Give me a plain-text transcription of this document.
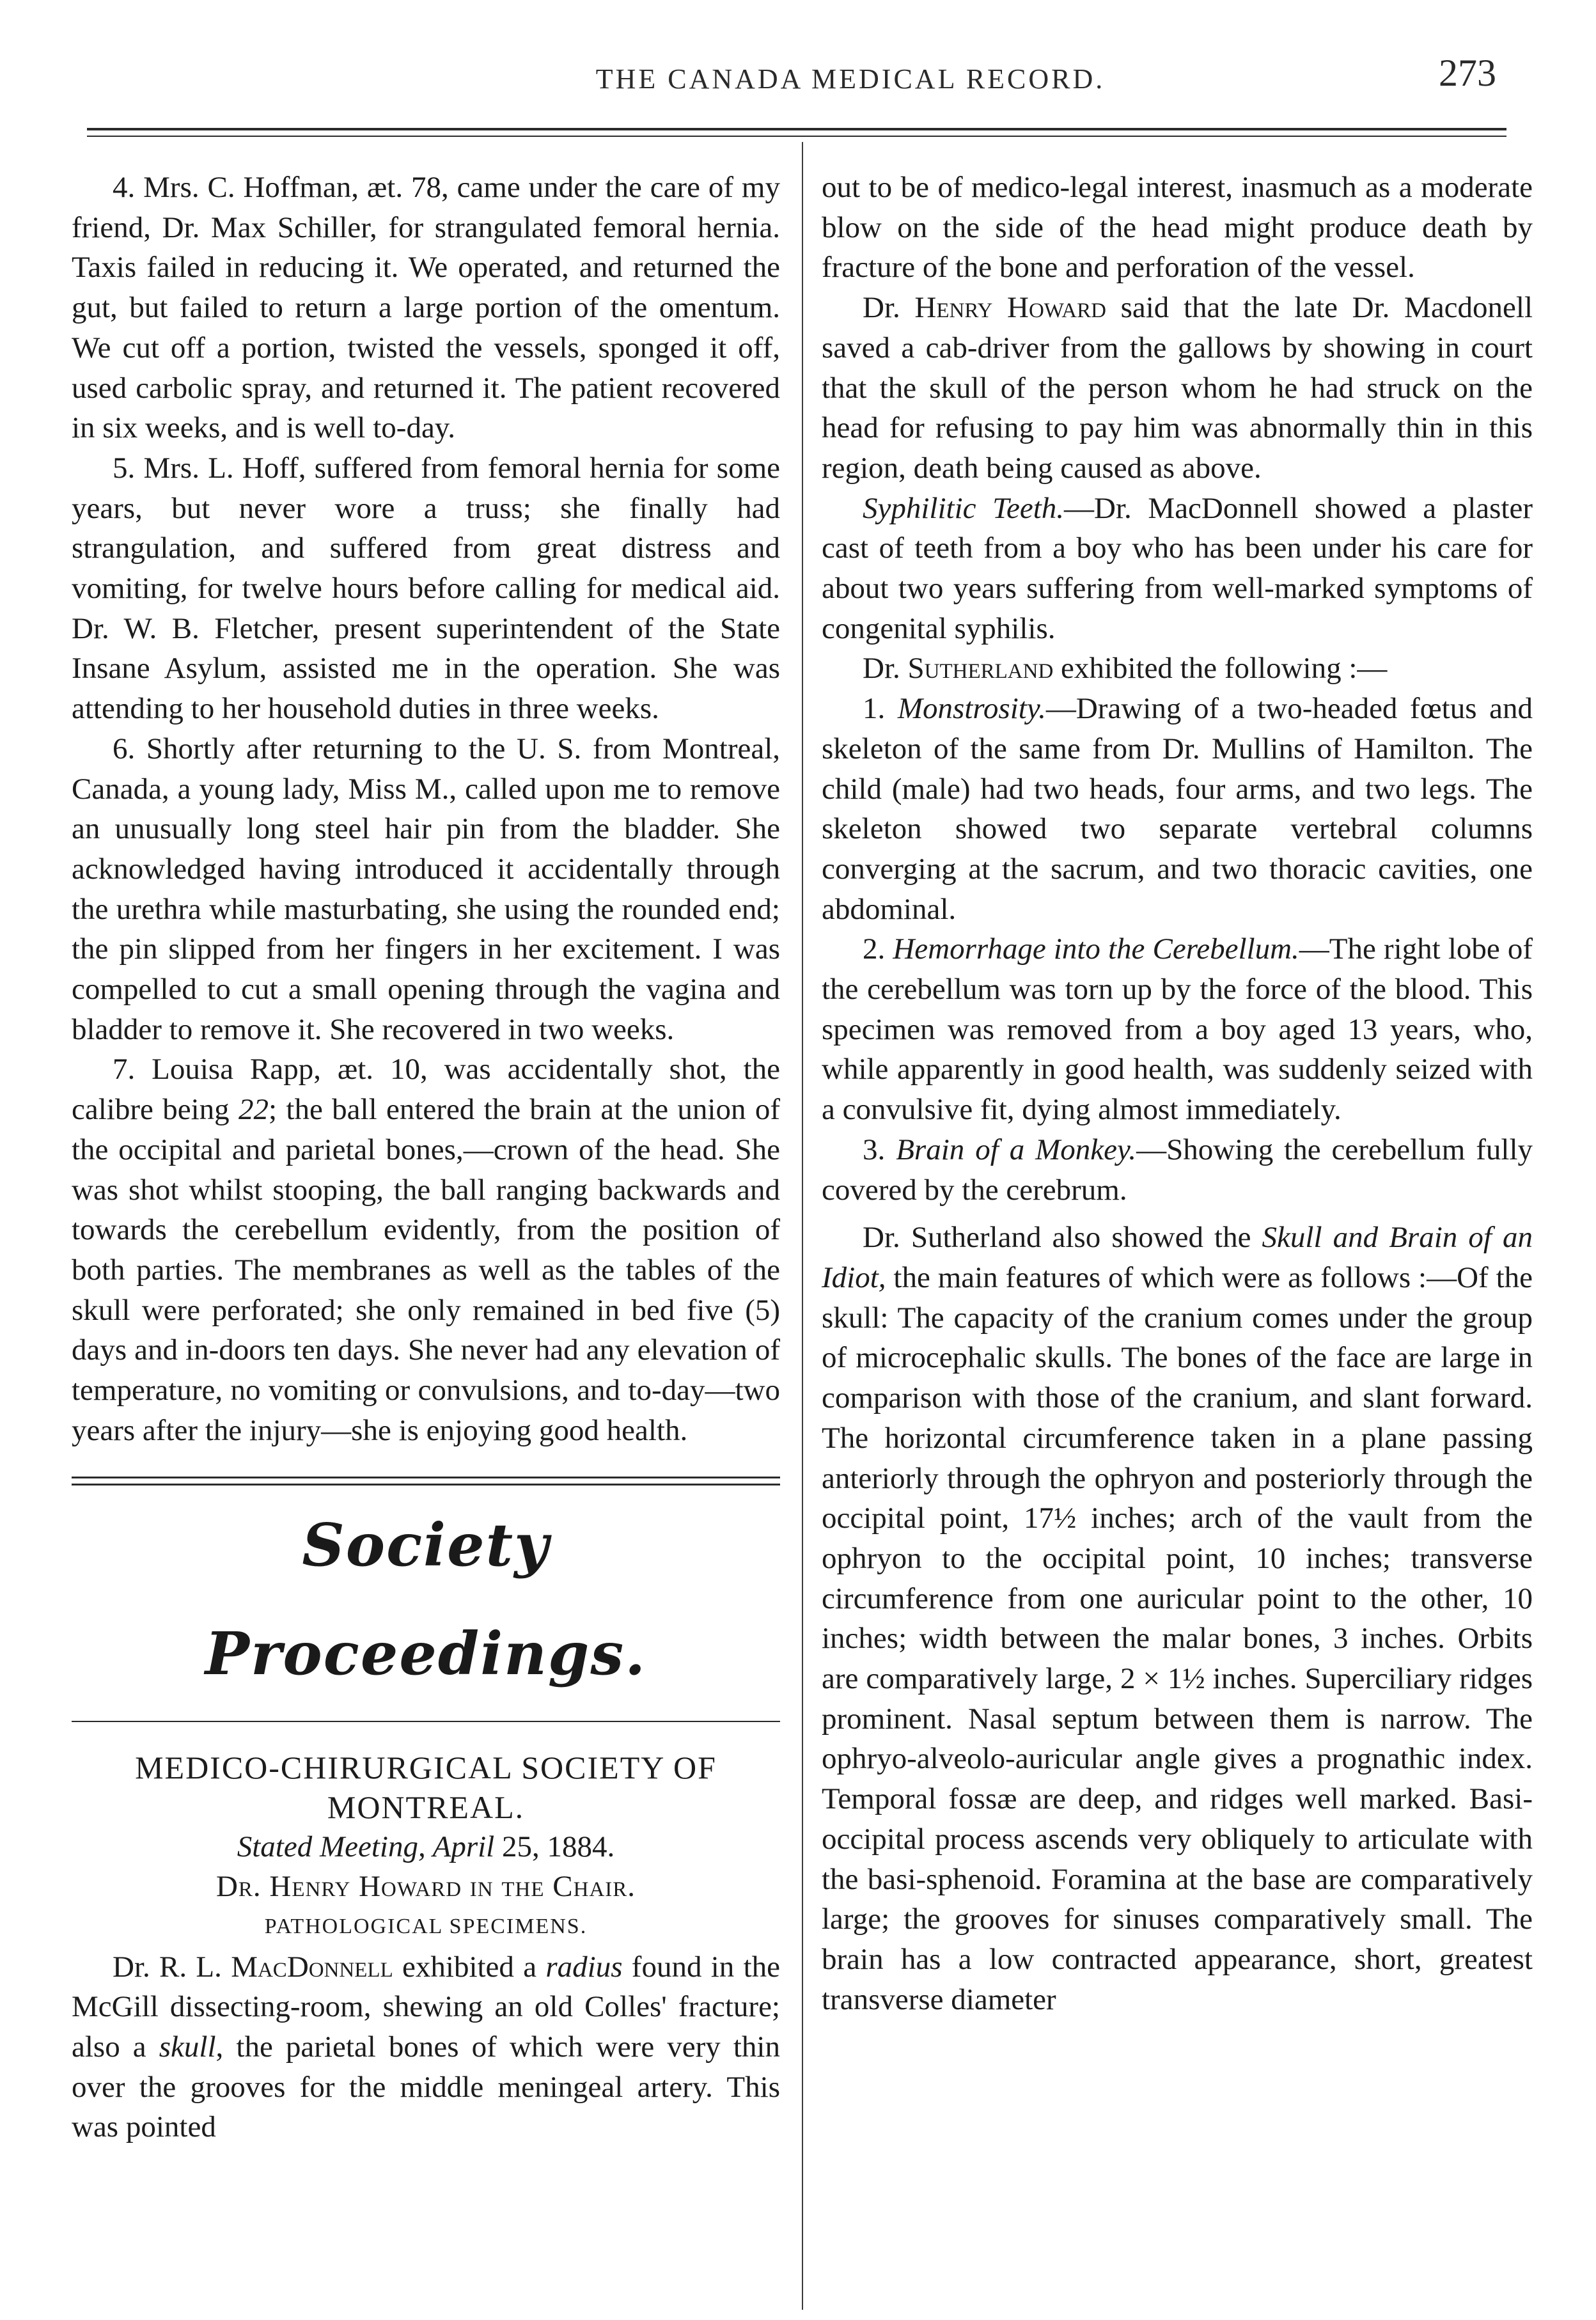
THE CANADA MEDICAL RECORD.	273

4. Mrs. C. Hoffman, æt. 78, came under the care of my friend, Dr. Max Schiller, for strangulated femoral hernia. Taxis failed in reducing it. We operated, and returned the gut, but failed to return a large portion of the omentum. We cut off a portion, twisted the vessels, sponged it off, used carbolic spray, and returned it. The patient recovered in six weeks, and is well to-day.

5. Mrs. L. Hoff, suffered from femoral hernia for some years, but never wore a truss; she finally had strangulation, and suffered from great distress and vomiting, for twelve hours before calling for medical aid. Dr. W. B. Fletcher, present superintendent of the State Insane Asylum, assisted me in the operation. She was attending to her household duties in three weeks.

6. Shortly after returning to the U. S. from Montreal, Canada, a young lady, Miss M., called upon me to remove an unusually long steel hair pin from the bladder. She acknowledged having introduced it accidentally through the urethra while masturbating, she using the rounded end; the pin slipped from her fingers in her excitement. I was compelled to cut a small opening through the vagina and bladder to remove it. She recovered in two weeks.

7. Louisa Rapp, æt. 10, was accidentally shot, the calibre being 22; the ball entered the brain at the union of the occipital and parietal bones,—crown of the head. She was shot whilst stooping, the ball ranging backwards and towards the cerebellum evidently, from the position of both parties. The membranes as well as the tables of the skull were perforated; she only remained in bed five (5) days and in-doors ten days. She never had any elevation of temperature, no vomiting or convulsions, and to-day—two years after the injury—she is enjoying good health.

Society Proceedings.
MEDICO-CHIRURGICAL SOCIETY OF MONTREAL.

Stated Meeting, April 25, 1884.

Dr. Henry Howard in the Chair.

PATHOLOGICAL SPECIMENS.

Dr. R. L. MacDonnell exhibited a radius found in the McGill dissecting-room, shewing an old Colles' fracture; also a skull, the parietal bones of which were very thin over the grooves for the middle meningeal artery. This was pointed

out to be of medico-legal interest, inasmuch as a moderate blow on the side of the head might produce death by fracture of the bone and perforation of the vessel.

Dr. Henry Howard said that the late Dr. Macdonell saved a cab-driver from the gallows by showing in court that the skull of the person whom he had struck on the head for refusing to pay him was abnormally thin in this region, death being caused as above.

Syphilitic Teeth.—Dr. MacDonnell showed a plaster cast of teeth from a boy who has been under his care for about two years suffering from well-marked symptoms of congenital syphilis.

Dr. Sutherland exhibited the following :—

1. Monstrosity.—Drawing of a two-headed fœtus and skeleton of the same from Dr. Mullins of Hamilton. The child (male) had two heads, four arms, and two legs. The skeleton showed two separate vertebral columns converging at the sacrum, and two thoracic cavities, one abdominal.

2. Hemorrhage into the Cerebellum.—The right lobe of the cerebellum was torn up by the force of the blood. This specimen was removed from a boy aged 13 years, who, while apparently in good health, was suddenly seized with a convulsive fit, dying almost immediately.

3. Brain of a Monkey.—Showing the cerebellum fully covered by the cerebrum.

Dr. Sutherland also showed the Skull and Brain of an Idiot, the main features of which were as follows :—Of the skull: The capacity of the cranium comes under the group of microcephalic skulls. The bones of the face are large in comparison with those of the cranium, and slant forward. The horizontal circumference taken in a plane passing anteriorly through the ophryon and posteriorly through the occipital point, 17½ inches; arch of the vault from the ophryon to the occipital point, 10 inches; transverse circumference from one auricular point to the other, 10 inches; width between the malar bones, 3 inches. Orbits are comparatively large, 2 × 1½ inches. Superciliary ridges prominent. Nasal septum between them is narrow. The ophryo-alveolo-auricular angle gives a prognathic index. Temporal fossæ are deep, and ridges well marked. Basi-occipital process ascends very obliquely to articulate with the basi-sphenoid. Foramina at the base are comparatively large; the grooves for sinuses comparatively small. The brain has a low contracted appearance, short, greatest transverse diameter
